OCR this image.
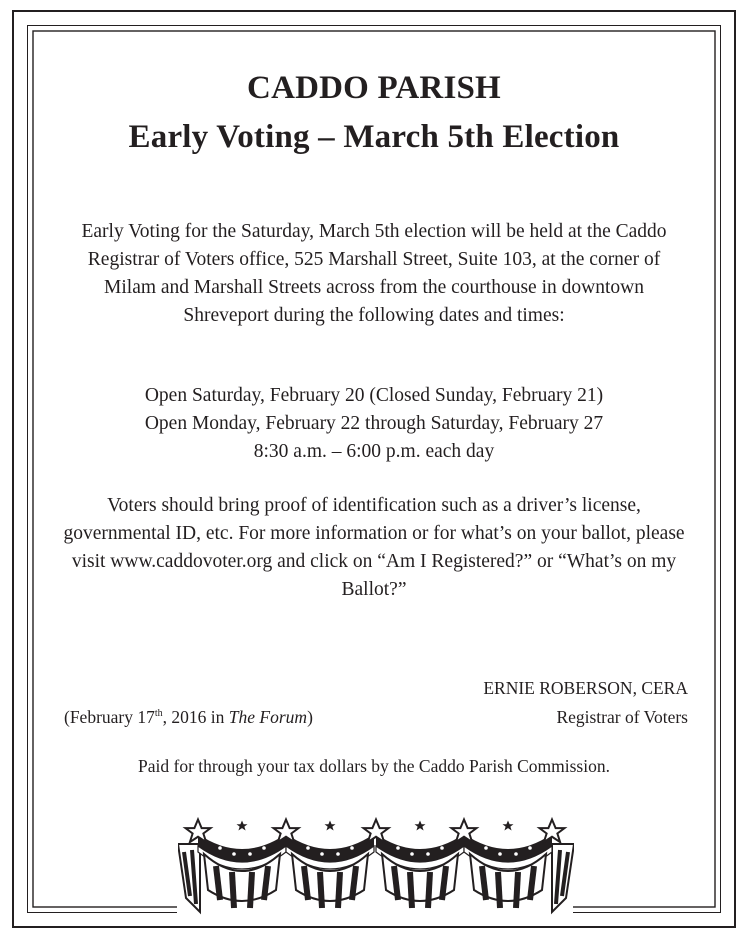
CADDO PARISH
Early Voting – March 5th Election
Early Voting for the Saturday, March 5th election will be held at the Caddo Registrar of Voters office, 525 Marshall Street, Suite 103, at the corner of Milam and Marshall Streets across from the courthouse in downtown Shreveport during the following dates and times:
Open Saturday, February 20 (Closed Sunday, February 21)
Open Monday, February 22 through Saturday, February 27
8:30 a.m. – 6:00 p.m. each day
Voters should bring proof of identification such as a driver’s license, governmental ID, etc. For more information or for what’s on your ballot, please visit www.caddovoter.org and click on “Am I Registered?” or “What’s on my Ballot?”
ERNIE ROBERSON, CERA
Registrar of Voters
(February 17th, 2016 in The Forum)
Paid for through your tax dollars by the Caddo Parish Commission.
